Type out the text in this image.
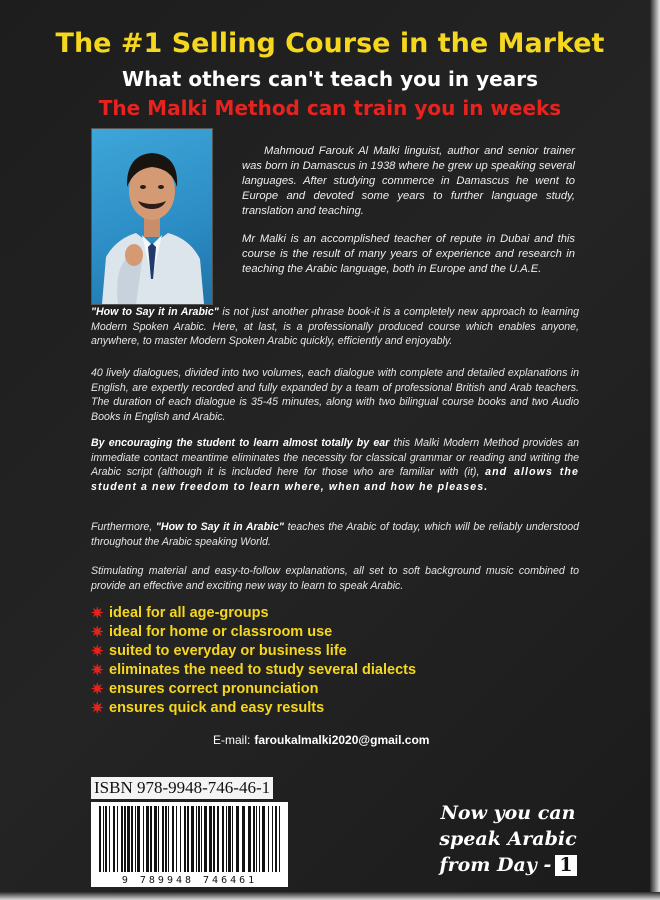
The #1 Selling Course in the Market
What others can't teach you in years
The Malki Method can train you in weeks

Mahmoud Farouk Al Malki linguist, author and senior trainer was born in Damascus in 1938 where he grew up speaking several languages. After studying commerce in Damascus he went to Europe and devoted some years to further language study, translation and teaching.

Mr Malki is an accomplished teacher of repute in Dubai and this course is the result of many years of experience and research in teaching the Arabic language, both in Europe and the U.A.E.

"How to Say it in Arabic" is not just another phrase book-it is a completely new approach to learning Modern Spoken Arabic. Here, at last, is a professionally produced course which enables anyone, anywhere, to master Modern Spoken Arabic quickly, efficiently and enjoyably.

40 lively dialogues, divided into two volumes, each dialogue with complete and detailed explanations in English, are expertly recorded and fully expanded by a team of professional British and Arab teachers. The duration of each dialogue is 35-45 minutes, along with two bilingual course books and two Audio Books in English and Arabic.

By encouraging the student to learn almost totally by ear this Malki Modern Method provides an immediate contact meantime eliminates the necessity for classical grammar or reading and writing the Arabic script (although it is included here for those who are familiar with (it), and allows the student a new freedom to learn where, when and how he pleases.

Furthermore, "How to Say it in Arabic" teaches the Arabic of today, which will be reliably understood throughout the Arabic speaking World.

Stimulating material and easy-to-follow explanations, all set to soft background music combined to provide an effective and exciting new way to learn to speak Arabic.

✷ ideal for all age-groups
✷ ideal for home or classroom use
✷ suited to everyday or business life
✷ eliminates the need to study several dialects
✷ ensures correct pronunciation
✷ ensures quick and easy results
E-mail: faroukalmalki2020@gmail.com
ISBN 978-9948-746-46-1
9 789948 746461
Now you can
speak Arabic
from Day - 1
